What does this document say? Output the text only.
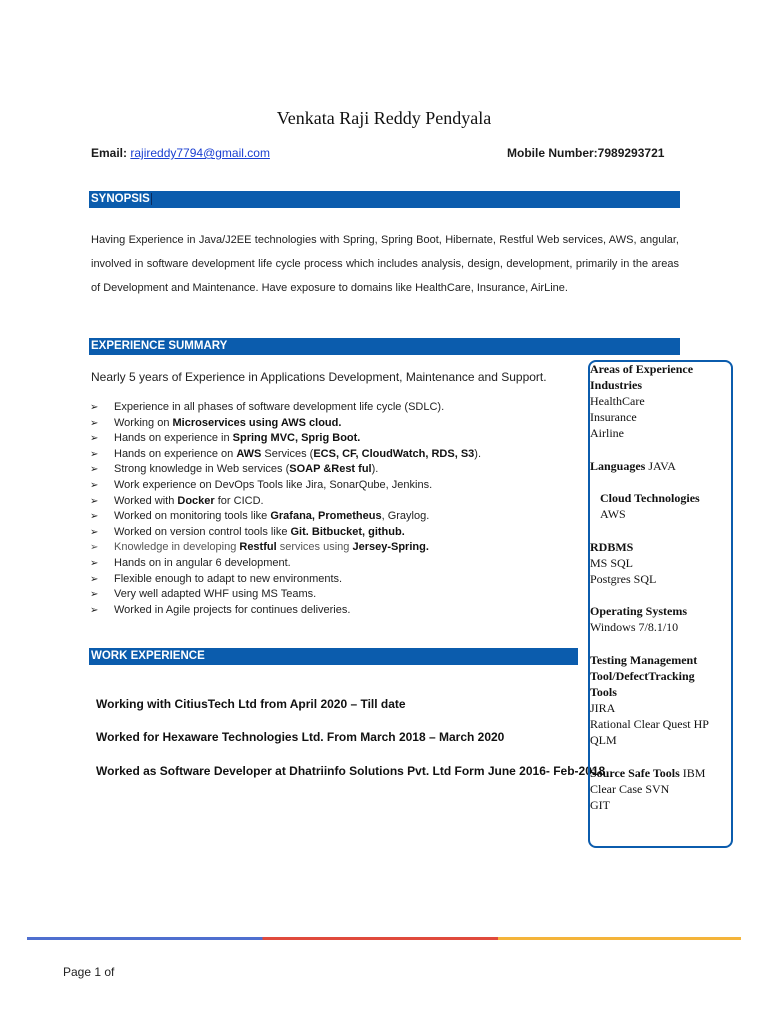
Venkata Raji Reddy Pendyala
Email: rajireddy7794@gmail.com	Mobile Number:7989293721
SYNOPSIS
Having Experience in Java/J2EE technologies with Spring, Spring Boot, Hibernate, Restful Web services, AWS, angular, involved in software development life cycle process which includes analysis, design, development, primarily in the areas of Development and Maintenance. Have exposure to domains like HealthCare, Insurance, AirLine.
EXPERIENCE SUMMARY
Nearly 5 years of Experience in Applications Development, Maintenance and Support.
➢ Experience in all phases of software development life cycle (SDLC).
➢ Working on Microservices using AWS cloud.
➢ Hands on experience in Spring MVC, Sprig Boot.
➢ Hands on experience on AWS Services (ECS, CF, CloudWatch, RDS, S3).
➢ Strong knowledge in Web services (SOAP &Rest ful).
➢ Work experience on DevOps Tools like Jira, SonarQube, Jenkins.
➢ Worked with Docker for CICD.
➢ Worked on monitoring tools like Grafana, Prometheus, Graylog.
➢ Worked on version control tools like Git. Bitbucket, github.
➢ Knowledge in developing Restful services using Jersey-Spring.
➢ Hands on in angular 6 development.
➢ Flexible enough to adapt to new environments.
➢ Very well adapted WHF using MS Teams.
➢ Worked in Agile projects for continues deliveries.
WORK EXPERIENCE
Working with CitiusTech Ltd from April 2020 – Till date
Worked for Hexaware Technologies Ltd. From March 2018 – March 2020
Worked as Software Developer at Dhatriinfo Solutions Pvt. Ltd Form June 2016- Feb-2018
Areas of Experience
Industries
HealthCare
Insurance
Airline
Languages JAVA
Cloud Technologies
AWS
RDBMS
MS SQL
Postgres SQL
Operating Systems
Windows 7/8.1/10
Testing Management
Tool/DefectTracking
Tools
JIRA
Rational Clear Quest HP
QLM
Source Safe Tools IBM
Clear Case SVN
GIT
Page 1 of
